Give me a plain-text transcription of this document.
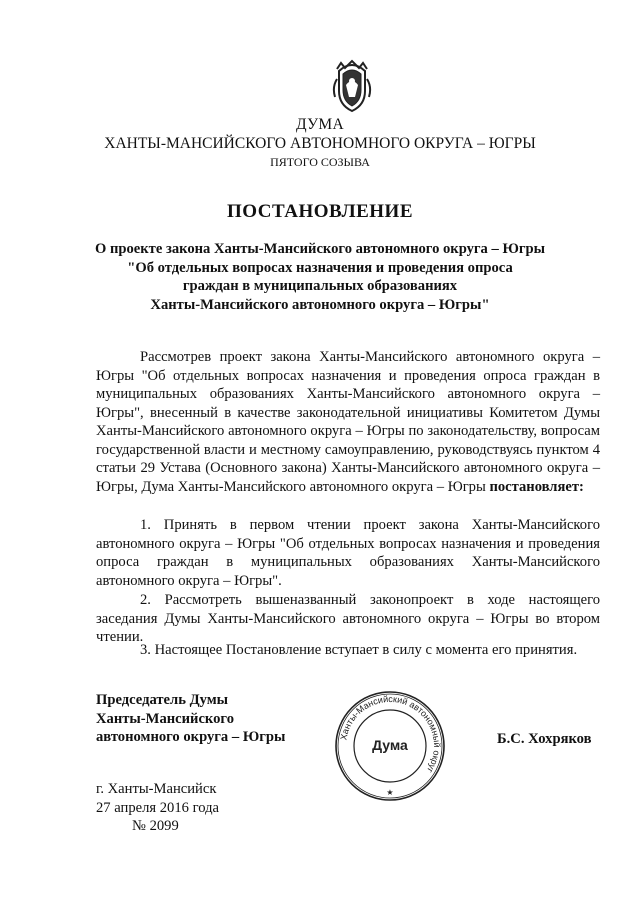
ДУМА
ХАНТЫ-МАНСИЙСКОГО АВТОНОМНОГО ОКРУГА – ЮГРЫ
ПЯТОГО СОЗЫВА
ПОСТАНОВЛЕНИЕ
О проекте закона Ханты-Мансийского автономного округа – Югры
"Об отдельных вопросах назначения и проведения опроса
граждан в муниципальных образованиях
Ханты-Мансийского автономного округа – Югры"

Рассмотрев проект закона Ханты-Мансийского автономного округа – Югры "Об отдельных вопросах назначения и проведения опроса граждан в муниципальных образованиях Ханты-Мансийского автономного округа – Югры", внесенный в качестве законодательной инициативы Комитетом Думы Ханты-Мансийского автономного округа – Югры по законодательству, вопросам государственной власти и местному самоуправлению, руководствуясь пунктом 4 статьи 29 Устава (Основного закона) Ханты-Мансийского автономного округа – Югры, Дума Ханты-Мансийского автономного округа – Югры постановляет:

1. Принять в первом чтении проект закона Ханты-Мансийского автономного округа – Югры "Об отдельных вопросах назначения и проведения опроса граждан в муниципальных образованиях Ханты-Мансийского автономного округа – Югры".

2. Рассмотреть вышеназванный законопроект в ходе настоящего заседания Думы Ханты-Мансийского автономного округа – Югры во втором чтении.

3. Настоящее Постановление вступает в силу с момента его принятия.

Председатель Думы
Ханты-Мансийского
автономного округа – Югры	Ханты-Мансийский автономный округ
Дума
★
Б.С. Хохряков
г. Ханты-Мансийск
27 апреля 2016 года
№ 2099
